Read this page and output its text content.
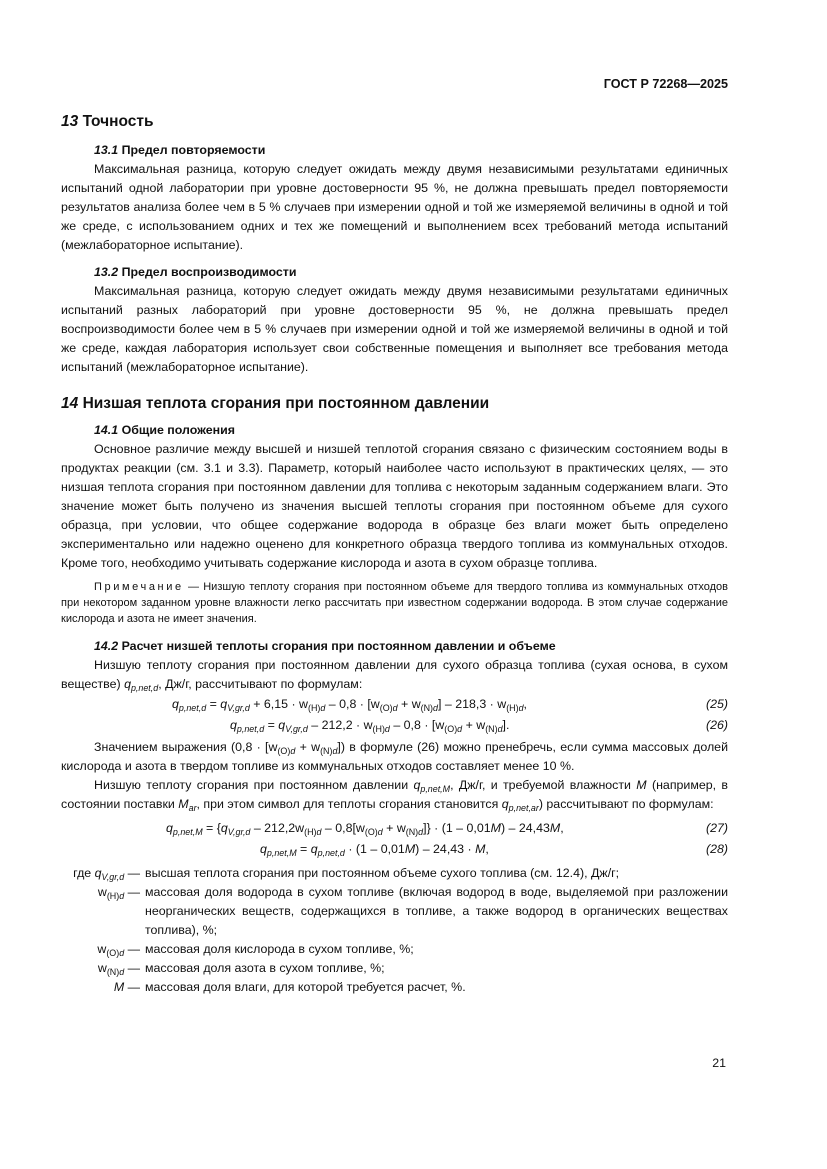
ГОСТ Р 72268—2025
13 Точность
13.1 Предел повторяемости

Максимальная разница, которую следует ожидать между двумя независимыми результатами единичных испытаний одной лаборатории при уровне достоверности 95 %, не должна превышать предел повторяемости результатов анализа более чем в 5 % случаев при измерении одной и той же измеряемой величины в одной и той же среде, с использованием одних и тех же помещений и выполнением всех требований метода испытаний (межлабораторное испытание).

13.2 Предел воспроизводимости

Максимальная разница, которую следует ожидать между двумя независимыми результатами единичных испытаний разных лабораторий при уровне достоверности 95 %, не должна превышать предел воспроизводимости более чем в 5 % случаев при измерении одной и той же измеряемой величины в одной и той же среде, каждая лаборатория использует свои собственные помещения и выполняет все требования метода испытаний (межлабораторное испытание).

14 Низшая теплота сгорания при постоянном давлении
14.1 Общие положения

Основное различие между высшей и низшей теплотой сгорания связано с физическим состоянием воды в продуктах реакции (см. 3.1 и 3.3). Параметр, который наиболее часто используют в практических целях, — это низшая теплота сгорания при постоянном давлении для топлива с некоторым заданным содержанием влаги. Это значение может быть получено из значения высшей теплоты сгорания при постоянном объеме для сухого образца, при условии, что общее содержание водорода в образце без влаги может быть определено экспериментально или надежно оценено для конкретного образца твердого топлива из коммунальных отходов. Кроме того, необходимо учитывать содержание кислорода и азота в сухом образце топлива.

Примечание — Низшую теплоту сгорания при постоянном объеме для твердого топлива из коммунальных отходов при некотором заданном уровне влажности легко рассчитать при известном содержании водорода. В этом случае содержание кислорода и азота не имеет значения.
14.2 Расчет низшей теплоты сгорания при постоянном давлении и объеме

Низшую теплоту сгорания при постоянном давлении для сухого образца топлива (сухая основа, в сухом веществе) $q_{p,net,d}$, Дж/г, рассчитывают по формулам:

$q_{p,net,d} = q_{V,gr,d} + 6,15 \cdot w_{(H)d} - 0,8 \cdot [w_{(O)d} + w_{(N)d}] - 218,3 \cdot w_{(H)d}$,	(25)
$q_{p,net,d} = q_{V,gr,d} - 212,2 \cdot w_{(H)d} - 0,8 \cdot [w_{(O)d} + w_{(N)d}]$.	(26)

Значением выражения $(0,8 \cdot [w_{(O)d} + w_{(N)d}])$ в формуле (26) можно пренебречь, если сумма массовых долей кислорода и азота в твердом топливе из коммунальных отходов составляет менее 10 %.

Низшую теплоту сгорания при постоянном давлении $q_{p,net,M}$, Дж/г, и требуемой влажности M (например, в состоянии поставки $M_{ar}$, при этом символ для теплоты сгорания становится $q_{p,net,ar}$) рассчитывают по формулам:

$q_{p,net,M} = \{q_{V,gr,d} - 212,2w_{(H)d} - 0,8[w_{(O)d} + w_{(N)d}]\} \cdot (1 - 0,01M) - 24,43M$,	(27)
$q_{p,net,M} = q_{p,net,d} \cdot (1 - 0,01M) - 24,43 \cdot M$,	(28)
где $q_{V,gr,d}$ — высшая теплота сгорания при постоянном объеме сухого топлива (см. 12.4), Дж/г;
$w_{(H)d}$ — массовая доля водорода в сухом топливе (включая водород в воде, выделяемой при разложении неорганических веществ, содержащихся в топливе, а также водород в органических веществах топлива), %;
$w_{(O)d}$ — массовая доля кислорода в сухом топливе, %;
$w_{(N)d}$ — массовая доля азота в сухом топливе, %;
M — массовая доля влаги, для которой требуется расчет, %.
21
